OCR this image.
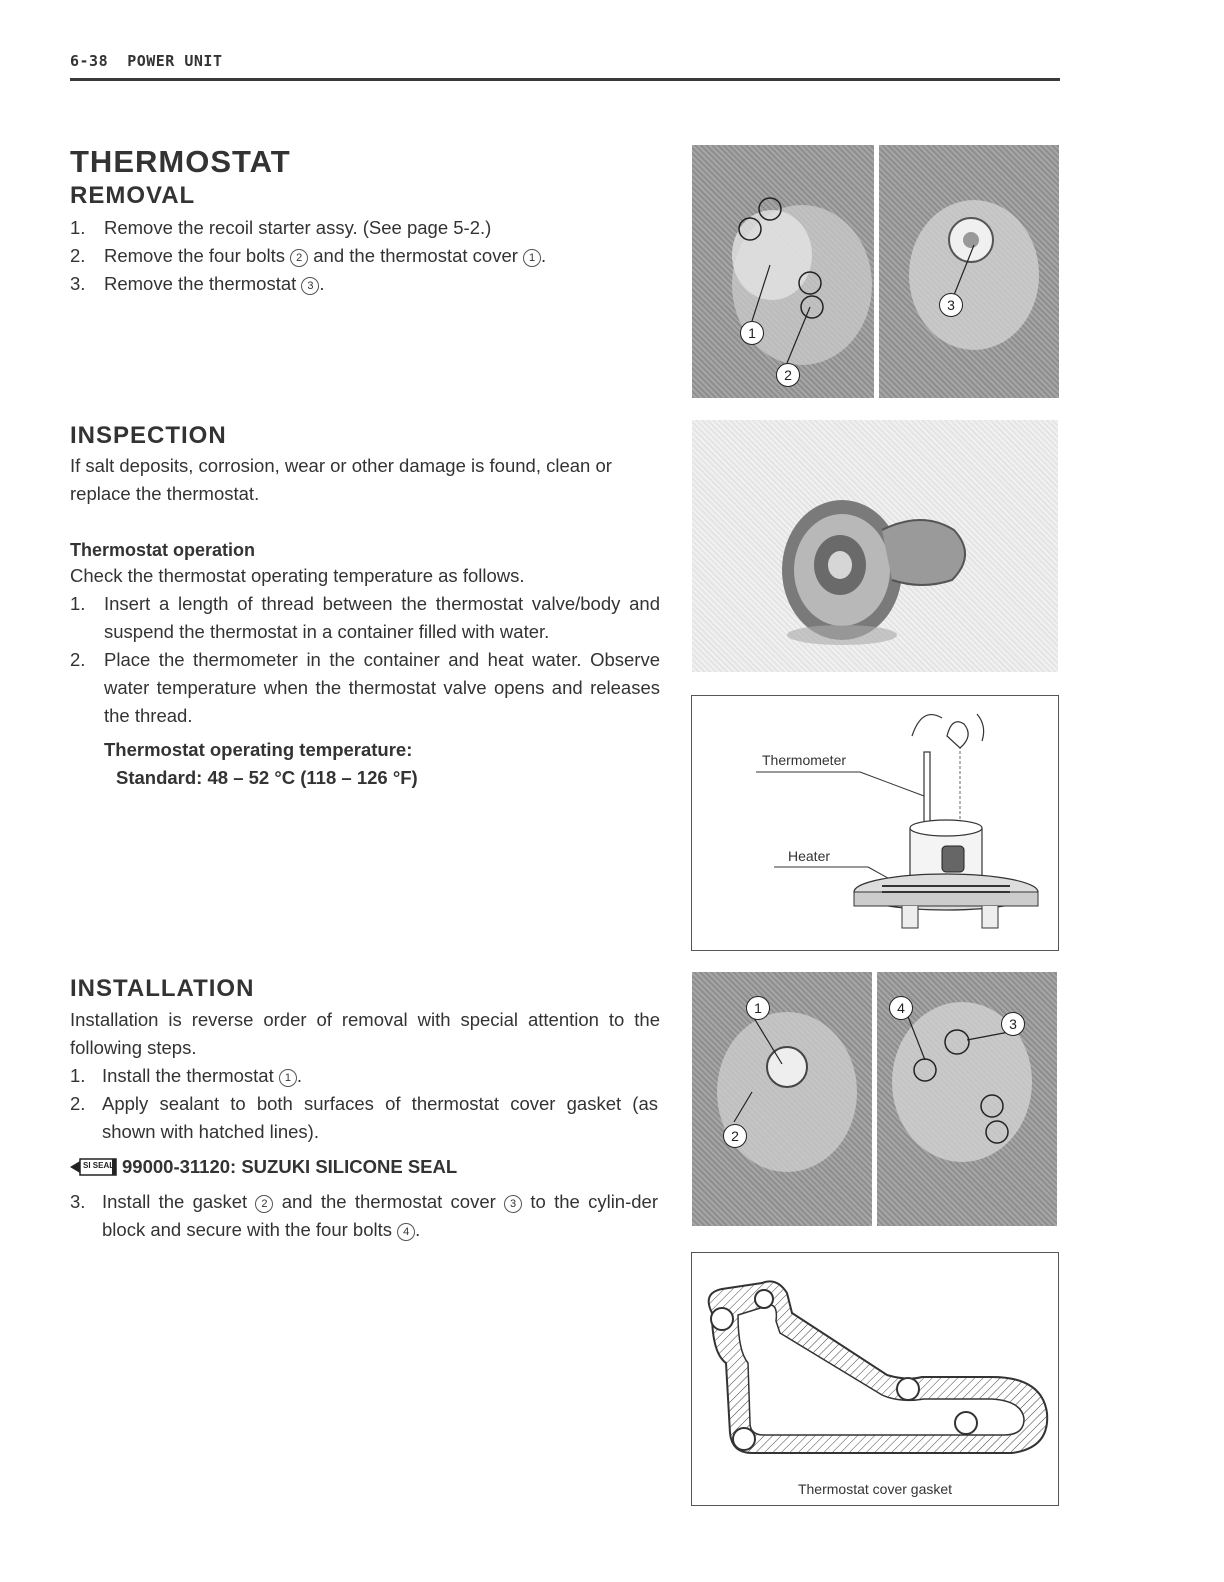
6-38 POWER UNIT
THERMOSTAT
REMOVAL
1. Remove the recoil starter assy. (See page 5-2.)
2. Remove the four bolts 2 and the thermostat cover 1 .
3. Remove the thermostat 3 .
1
2
3
INSPECTION
If salt deposits, corrosion, wear or other damage is found, clean or replace the thermostat.
Thermostat operation
Check the thermostat operating temperature as follows.
1. Insert a length of thread between the thermostat valve/body and suspend the thermostat in a container filled with water.
2. Place the thermometer in the container and heat water. Observe water temperature when the thermostat valve opens and releases the thread.
Thermostat operating temperature:
Standard: 48 – 52 °C (118 – 126 °F)
Thermometer
Heater
INSTALLATION
Installation is reverse order of removal with special attention to the following steps.
1. Install the thermostat 1 .
2. Apply sealant to both surfaces of thermostat cover gasket (as shown with hatched lines).
SI SEAL 99000-31120: SUZUKI SILICONE SEAL
3. Install the gasket 2 and the thermostat cover 3 to the cylin-der block and secure with the four bolts 4 .
1
2
4
3
Thermostat cover gasket
